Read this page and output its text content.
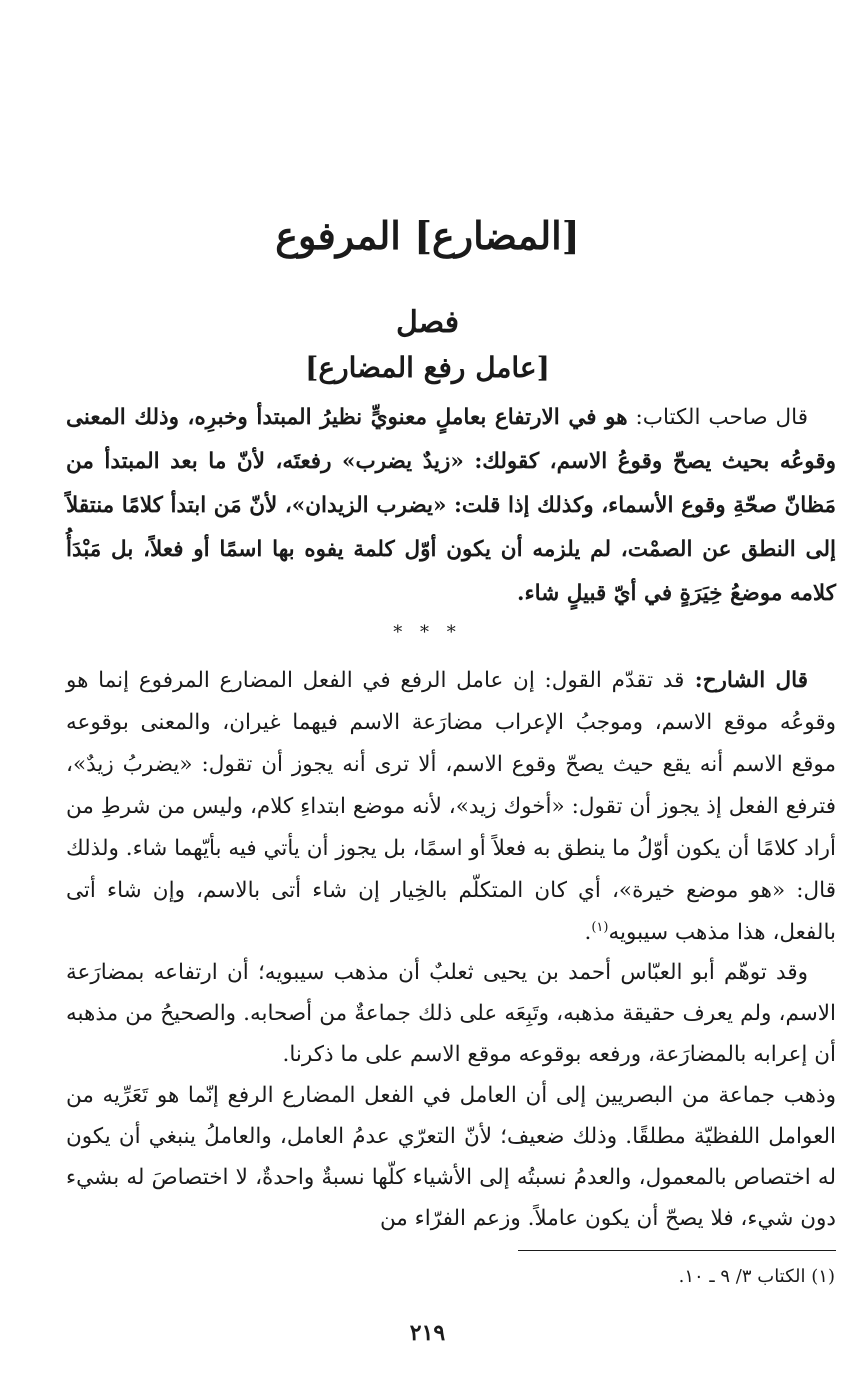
[المضارع] المرفوع
فصل
[عامل رفع المضارع]

قال صاحب الكتاب: هو في الارتفاع بعاملٍ معنويٍّ نظيرُ المبتدأ وخبرِه، وذلك المعنى وقوعُه بحيث يصحّ وقوعُ الاسم، كقولك: «زيدٌ يضرب» رفعتَه، لأنّ ما بعد المبتدأ من مَظانّ صحّةِ وقوع الأسماء، وكذلك إذا قلت: «يضرب الزيدان»، لأنّ مَن ابتدأ كلامًا منتقلاً إلى النطق عن الصمْت، لم يلزمه أن يكون أوّل كلمة يفوه بها اسمًا أو فعلاً، بل مَبْدَأُ كلامه موضعُ خِيَرَةٍ في أيّ قبيلٍ شاء.

* * *

قال الشارح: قد تقدّم القول: إن عامل الرفع في الفعل المضارع المرفوع إنما هو وقوعُه موقع الاسم، وموجبُ الإعراب مضارَعة الاسم فيهما غيران، والمعنى بوقوعه موقع الاسم أنه يقع حيث يصحّ وقوع الاسم، ألا ترى أنه يجوز أن تقول: «يضربُ زيدٌ»، فترفع الفعل إذ يجوز أن تقول: «أخوك زيد»، لأنه موضع ابتداءِ كلام، وليس من شرطِ من أراد كلامًا أن يكون أوّلُ ما ينطق به فعلاً أو اسمًا، بل يجوز أن يأتي فيه بأيّهما شاء. ولذلك قال: «هو موضع خيرة»، أي كان المتكلّم بالخِيار إن شاء أتى بالاسم، وإن شاء أتى بالفعل، هذا مذهب سيبويه$^{(١)}$.

وقد توهّم أبو العبّاس أحمد بن يحيى ثعلبٌ أن مذهب سيبويه؛ أن ارتفاعه بمضارَعة الاسم، ولم يعرف حقيقة مذهبه، وتَبِعَه على ذلك جماعةٌ من أصحابه. والصحيحُ من مذهبه أن إعرابه بالمضارَعة، ورفعه بوقوعه موقع الاسم على ما ذكرنا.

وذهب جماعة من البصريين إلى أن العامل في الفعل المضارع الرفع إنّما هو تَعَرِّيه من العوامل اللفظيّة مطلقًا. وذلك ضعيف؛ لأنّ التعرّي عدمُ العامل، والعاملُ ينبغي أن يكون له اختصاص بالمعمول، والعدمُ نسبتُه إلى الأشياء كلّها نسبةٌ واحدةٌ، لا اختصاصَ له بشيء دون شيء، فلا يصحّ أن يكون عاملاً. وزعم الفرّاء من

(١) الكتاب ٣/ ٩ ـ ١٠.
٢١٩
